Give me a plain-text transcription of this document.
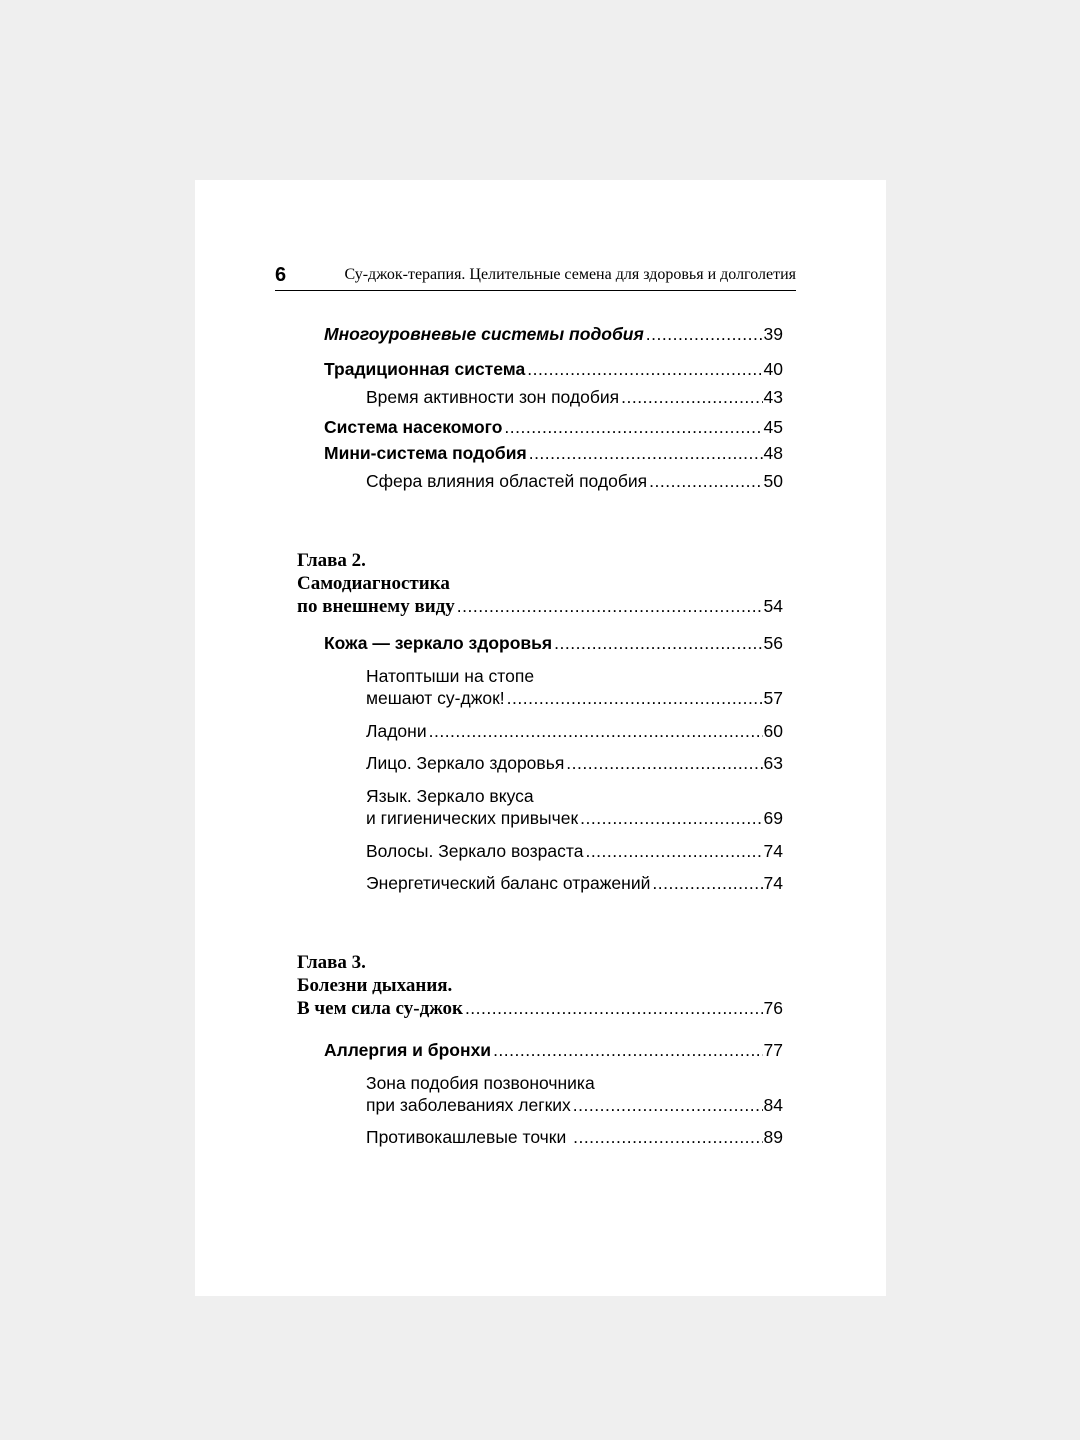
6	Су-джок-терапия. Целительные семена для здоровья и долголетия
Многоуровневые системы подобия .....	39
Традиционная система .....	40
Время активности зон подобия .....	43
Система насекомого .....	45
Мини-система подобия .....	48
Сфера влияния областей подобия .....	50
Глава 2.
Самодиагностика
по внешнему виду .....	54
Кожа — зеркало здоровья .....	56
Натоптыши на стопе
мешают су-джок! .....	57
Ладони .....	60
Лицо. Зеркало здоровья .....	63
Язык. Зеркало вкуса
и гигиенических привычек .....	69
Волосы. Зеркало возраста .....	74
Энергетический баланс отражений .....	74
Глава 3.
Болезни дыхания.
В чем сила су-джок .....	76
Аллергия и бронхи .....	77
Зона подобия позвоночника
при заболеваниях легких .....	84
Противокашлевые точки .....	89
